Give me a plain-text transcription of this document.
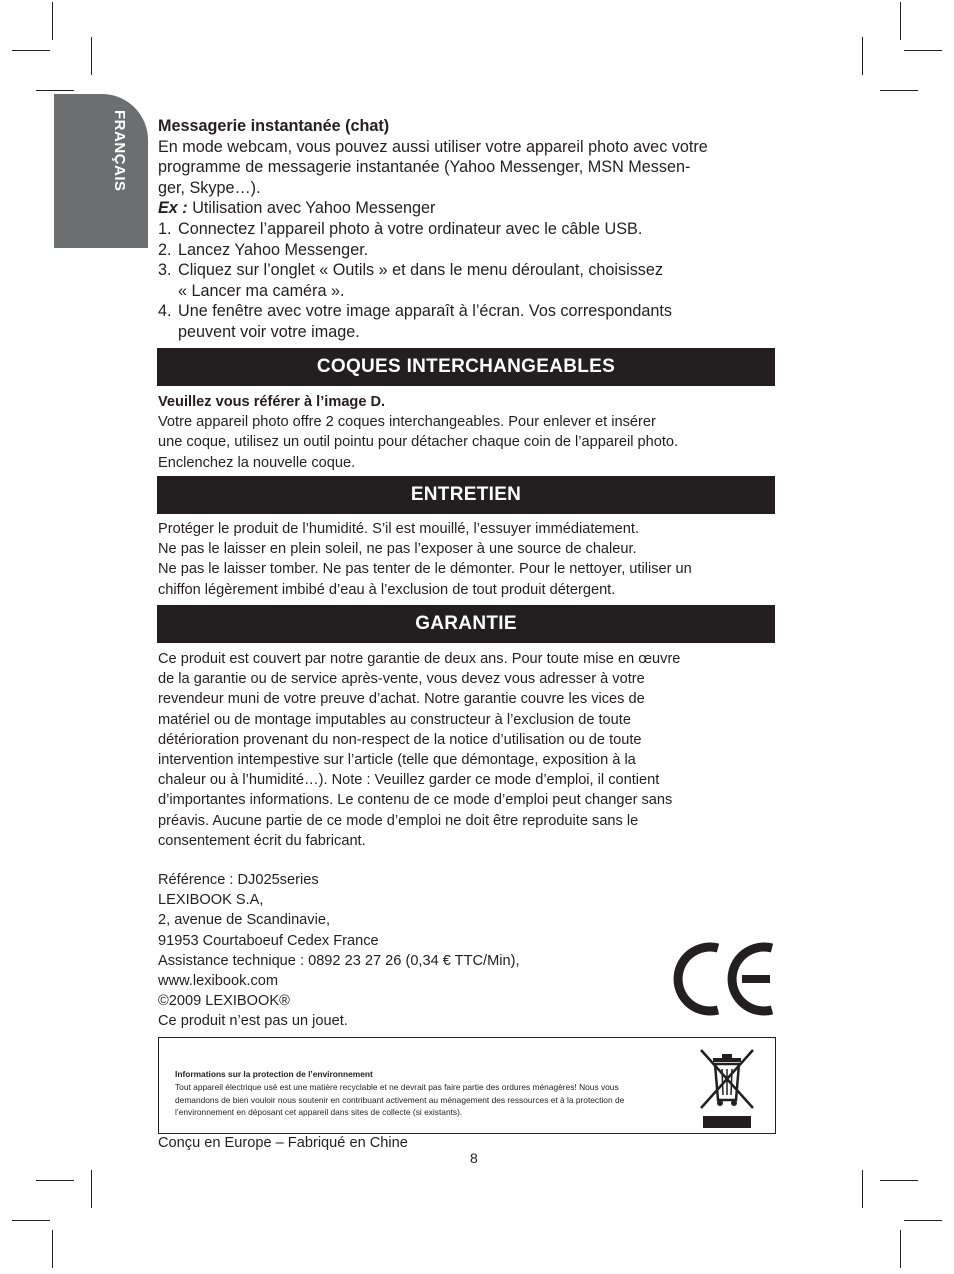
FRANÇAIS Messagerie instantanée (chat)

En mode webcam, vous pouvez aussi utiliser votre appareil photo avec votre
programme de messagerie instantanée (Yahoo Messenger, MSN Messen-
ger, Skype…).
Ex : Utilisation avec Yahoo Messenger
1. Connectez l’appareil photo à votre ordinateur avec le câble USB.
2. Lancez Yahoo Messenger.
3. Cliquez sur l’onglet « Outils » et dans le menu déroulant, choisissez
« Lancer ma caméra ».
4. Une fenêtre avec votre image apparaît à l’écran. Vos correspondants
peuvent voir votre image.
COQUES INTERCHANGEABLES
Veuillez vous référer à l’image D.
Votre appareil photo offre 2 coques interchangeables. Pour enlever et insérer
une coque, utilisez un outil pointu pour détacher chaque coin de l’appareil photo.
Enclenchez la nouvelle coque.
ENTRETIEN
Protéger le produit de l’humidité. S’il est mouillé, l’essuyer immédiatement.
Ne pas le laisser en plein soleil, ne pas l’exposer à une source de chaleur.
Ne pas le laisser tomber. Ne pas tenter de le démonter. Pour le nettoyer, utiliser un
chiffon légèrement imbibé d’eau à l’exclusion de tout produit détergent.
GARANTIE
Ce produit est couvert par notre garantie de deux ans. Pour toute mise en œuvre
de la garantie ou de service après-vente, vous devez vous adresser à votre
revendeur muni de votre preuve d’achat. Notre garantie couvre les vices de
matériel ou de montage imputables au constructeur à l’exclusion de toute
détérioration provenant du non-respect de la notice d’utilisation ou de toute
intervention intempestive sur l’article (telle que démontage, exposition à la
chaleur ou à l’humidité…). Note : Veuillez garder ce mode d’emploi, il contient
d’importantes informations. Le contenu de ce mode d’emploi peut changer sans
préavis. Aucune partie de ce mode d’emploi ne doit être reproduite sans le
consentement écrit du fabricant.
Référence : DJ025series
LEXIBOOK S.A,
2, avenue de Scandinavie,
91953 Courtaboeuf Cedex France
Assistance technique : 0892 23 27 26 (0,34 € TTC/Min),
www.lexibook.com
©2009 LEXIBOOK®
Ce produit n’est pas un jouet.
Informations sur la protection de l’environnement
Tout appareil électrique usé est une matière recyclable et ne devrait pas faire partie des ordures ménagères! Nous vous
demandons de bien vouloir nous soutenir en contribuant activement au ménagement des ressources et à la protection de
l’environnement en déposant cet appareil dans sites de collecte (si existants).
Conçu en Europe – Fabriqué en Chine
8
